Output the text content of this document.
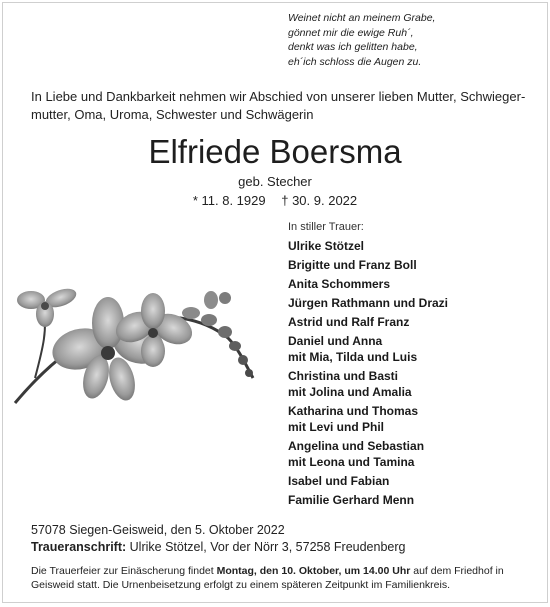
Weinet nicht an meinem Grabe,
gönnet mir die ewige Ruh´,
denkt was ich gelitten habe,
eh´ich schloss die Augen zu.
In Liebe und Dankbarkeit nehmen wir Abschied von unserer lieben Mutter, Schwieger-
mutter, Oma, Uroma, Schwester und Schwägerin
Elfriede Boersma
geb. Stecher
* 11. 8. 1929 † 30. 9. 2022
In stiller Trauer:
Ulrike Stötzel
Brigitte und Franz Boll
Anita Schommers
Jürgen Rathmann und Drazi
Astrid und Ralf Franz
Daniel und Anna
mit Mia, Tilda und Luis
Christina und Basti
mit Jolina und Amalia
Katharina und Thomas
mit Levi und Phil
Angelina und Sebastian
mit Leona und Tamina
Isabel und Fabian
Familie Gerhard Menn
57078 Siegen-Geisweid, den 5. Oktober 2022
Traueranschrift: Ulrike Stötzel, Vor der Nörr 3, 57258 Freudenberg
Die Trauerfeier zur Einäscherung findet Montag, den 10. Oktober, um 14.00 Uhr auf dem Friedhof in Geisweid statt. Die Urnenbeisetzung erfolgt zu einem späteren Zeitpunkt im Familienkreis.
